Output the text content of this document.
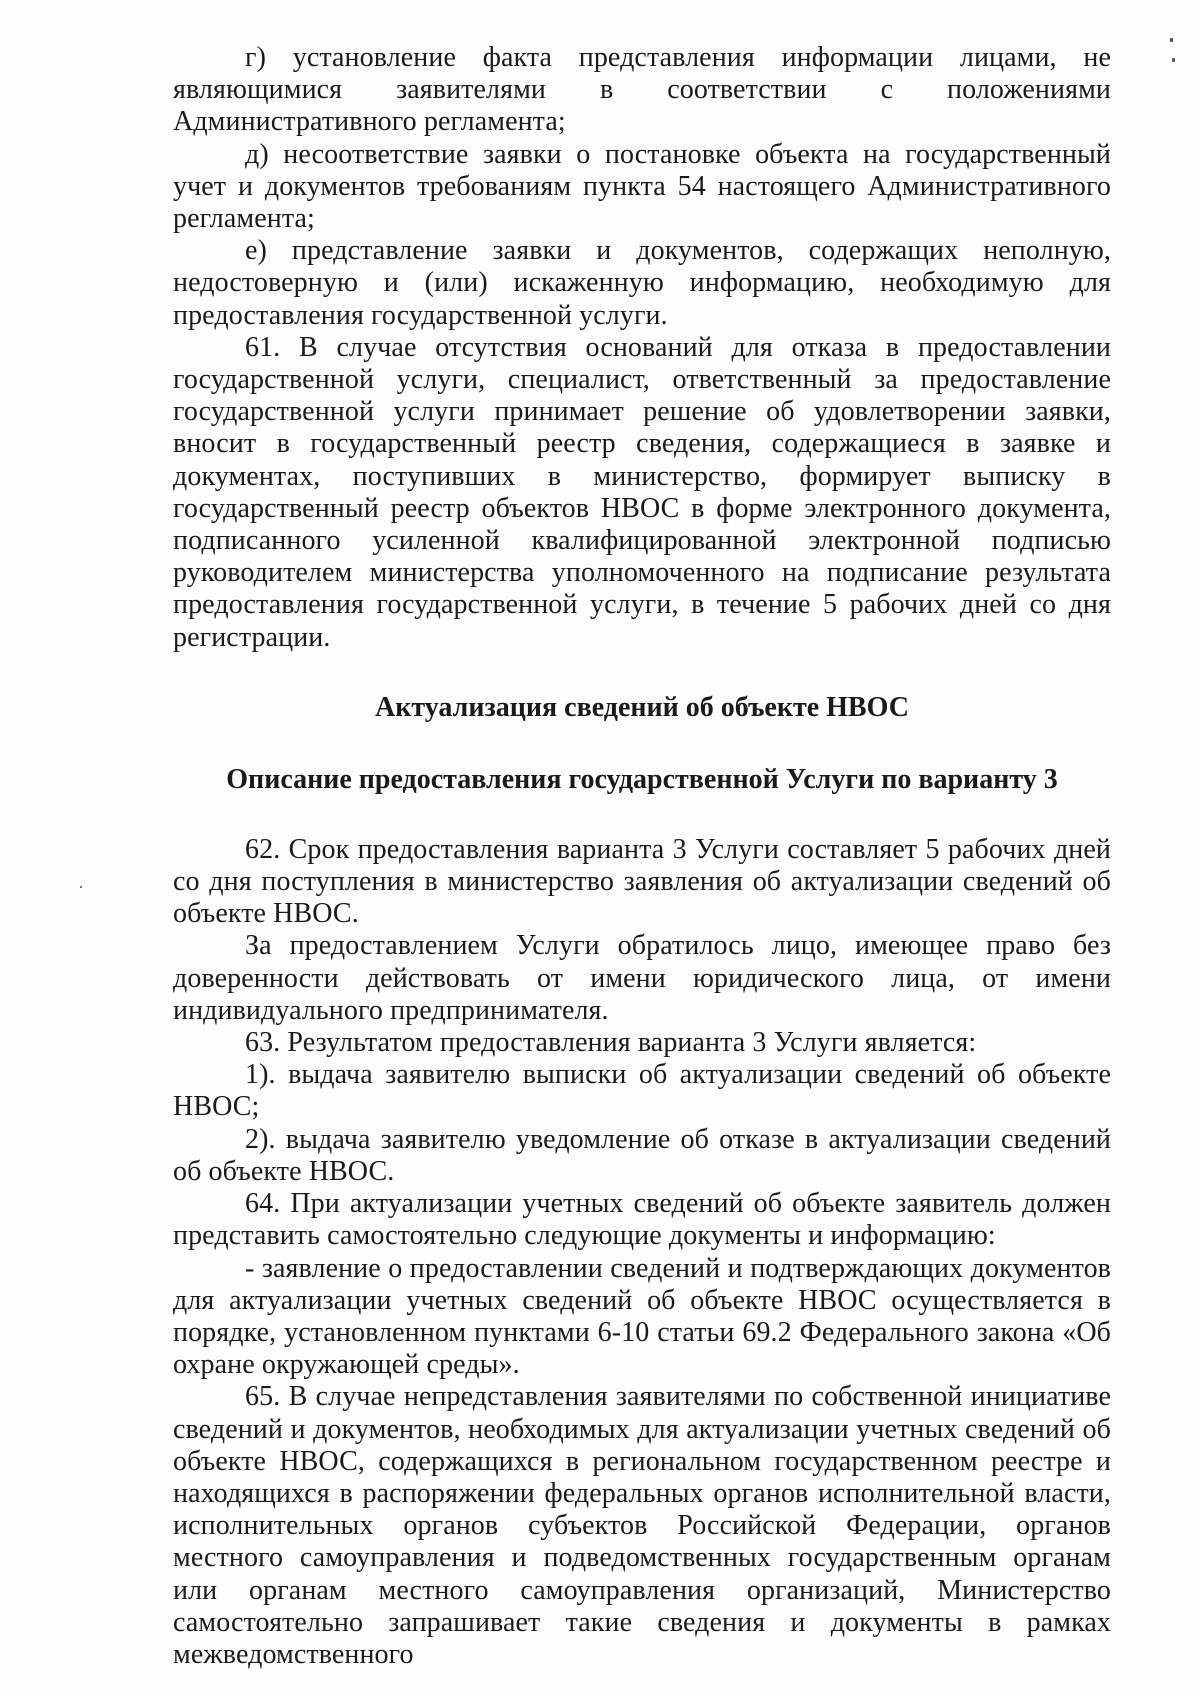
г) установление факта представления информации лицами, не являющимися заявителями в соответствии с положениями Административного регламента;

д) несоответствие заявки о постановке объекта на государственный учет и документов требованиям пункта 54 настоящего Административного регламента;

е) представление заявки и документов, содержащих неполную, недостоверную и (или) искаженную информацию, необходимую для предоставления государственной услуги.

61. В случае отсутствия оснований для отказа в предоставлении государственной услуги, специалист, ответственный за предоставление государственной услуги принимает решение об удовлетворении заявки, вносит в государственный реестр сведения, содержащиеся в заявке и документах, поступивших в министерство, формирует выписку в государственный реестр объектов НВОС в форме электронного документа, подписанного усиленной квалифицированной электронной подписью руководителем министерства уполномоченного на подписание результата предоставления государственной услуги, в течение 5 рабочих дней со дня регистрации.

Актуализация сведений об объекте НВОС
Описание предоставления государственной Услуги по варианту 3

62. Срок предоставления варианта 3 Услуги составляет 5 рабочих дней со дня поступления в министерство заявления об актуализации сведений об объекте НВОС.

За предоставлением Услуги обратилось лицо, имеющее право без доверенности действовать от имени юридического лица, от имени индивидуального предпринимателя.

63. Результатом предоставления варианта 3 Услуги является:

1). выдача заявителю выписки об актуализации сведений об объекте НВОС;

2). выдача заявителю уведомление об отказе в актуализации сведений об объекте НВОС.

64. При актуализации учетных сведений об объекте заявитель должен представить самостоятельно следующие документы и информацию:

- заявление о предоставлении сведений и подтверждающих документов для актуализации учетных сведений об объекте НВОС осуществляется в порядке, установленном пунктами 6-10 статьи 69.2 Федерального закона «Об охране окружающей среды».

65. В случае непредставления заявителями по собственной инициативе сведений и документов, необходимых для актуализации учетных сведений об объекте НВОС, содержащихся в региональном государственном реестре и находящихся в распоряжении федеральных органов исполнительной власти, исполнительных органов субъектов Российской Федерации, органов местного самоуправления и подведомственных государственным органам или органам местного самоуправления организаций, Министерство самостоятельно запрашивает такие сведения и документы в рамках межведомственного
